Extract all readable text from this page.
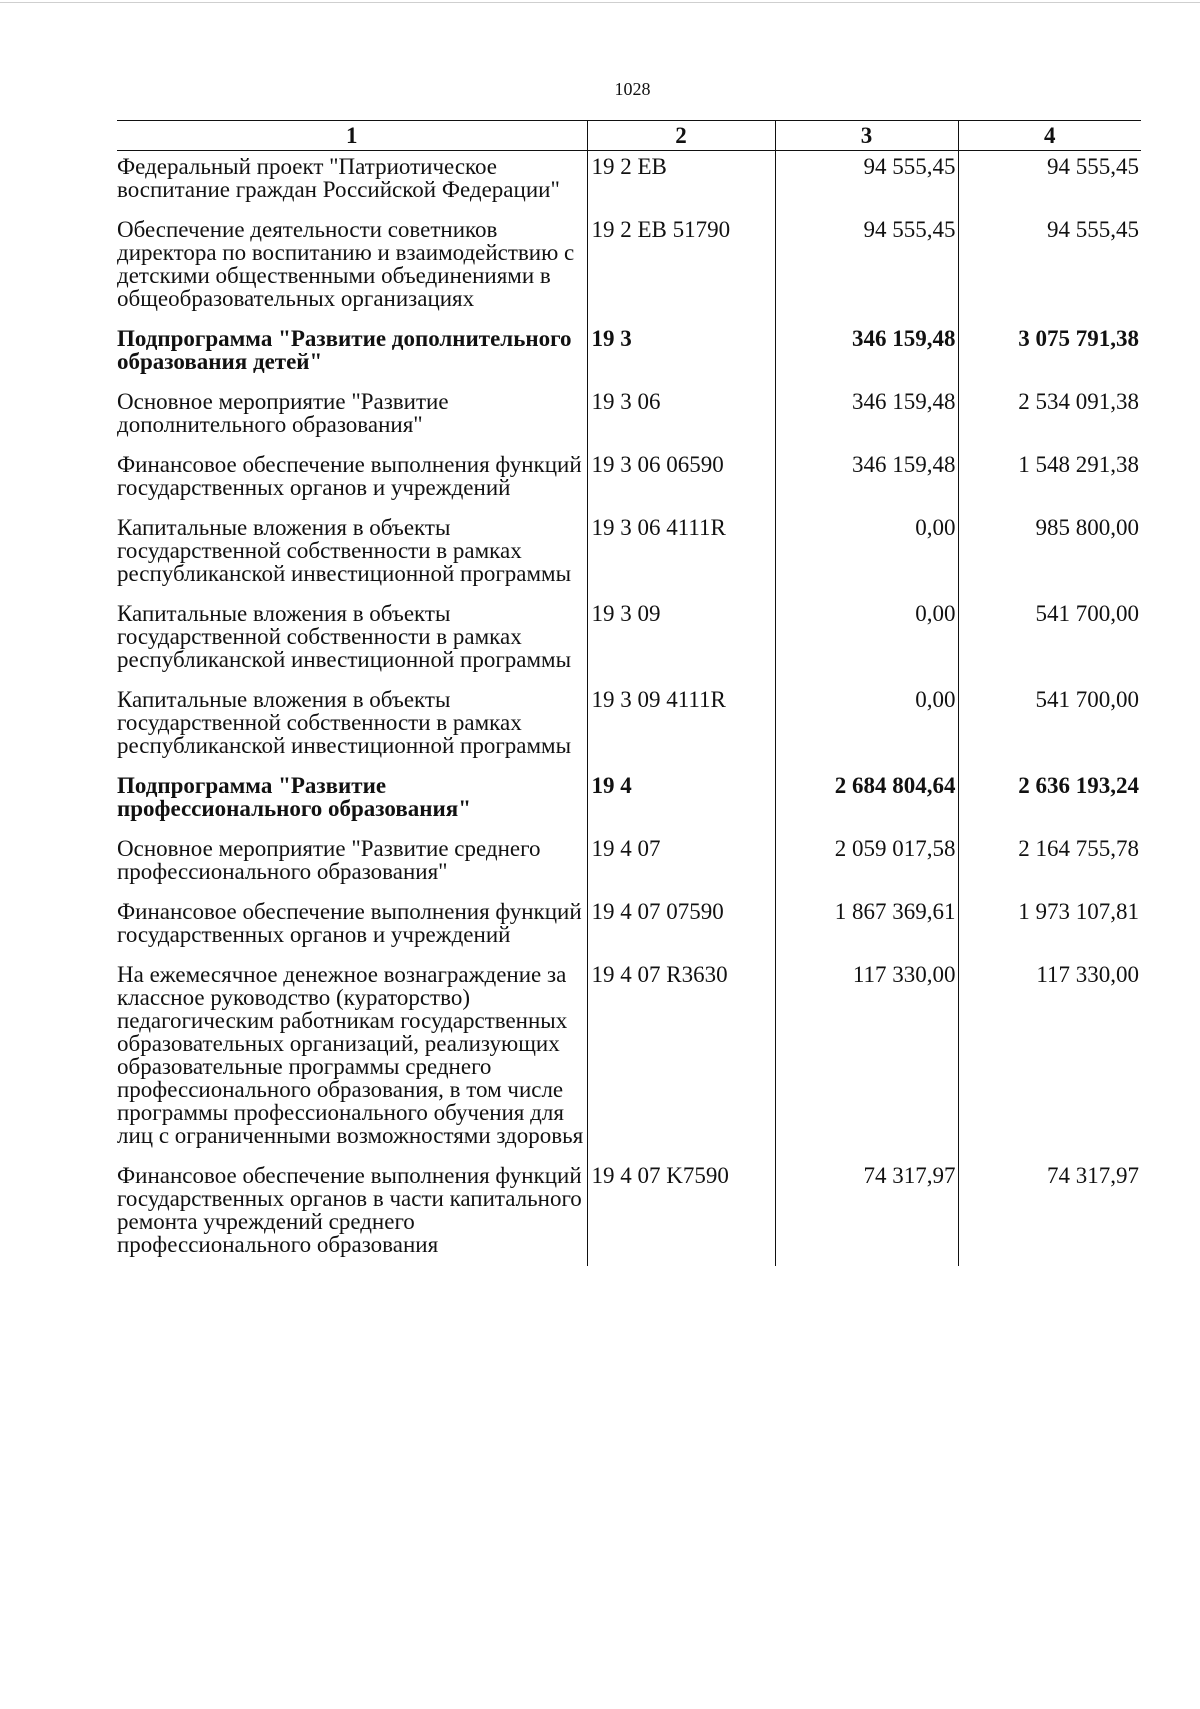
1028
1	2	3	4
Федеральный проект "Патриотическое воспитание граждан Российской Федерации"	19 2 EB	94 555,45	94 555,45
Обеспечение деятельности советников директора по воспитанию и взаимодействию с детскими общественными объединениями в общеобразовательных организациях	19 2 EB 51790	94 555,45	94 555,45
Подпрограмма "Развитие дополнительного образования детей"	19 3	346 159,48	3 075 791,38
Основное мероприятие "Развитие дополнительного образования"	19 3 06	346 159,48	2 534 091,38
Финансовое обеспечение выполнения функций государственных органов и учреждений	19 3 06 06590	346 159,48	1 548 291,38
Капитальные вложения в объекты государственной собственности в рамках республиканской инвестиционной программы	19 3 06 4111R	0,00	985 800,00
Капитальные вложения в объекты государственной собственности в рамках республиканской инвестиционной программы	19 3 09	0,00	541 700,00
Капитальные вложения в объекты государственной собственности в рамках республиканской инвестиционной программы	19 3 09 4111R	0,00	541 700,00
Подпрограмма "Развитие профессионального образования"	19 4	2 684 804,64	2 636 193,24
Основное мероприятие "Развитие среднего профессионального образования"	19 4 07	2 059 017,58	2 164 755,78
Финансовое обеспечение выполнения функций государственных органов и учреждений	19 4 07 07590	1 867 369,61	1 973 107,81
На ежемесячное денежное вознаграждение за классное руководство (кураторство) педагогическим работникам государственных образовательных организаций, реализующих образовательные программы среднего профессионального образования, в том числе программы профессионального обучения для лиц с ограниченными возможностями здоровья	19 4 07 R3630	117 330,00	117 330,00
Финансовое обеспечение выполнения функций государственных органов в части капитального ремонта учреждений среднего профессионального образования	19 4 07 K7590	74 317,97	74 317,97
